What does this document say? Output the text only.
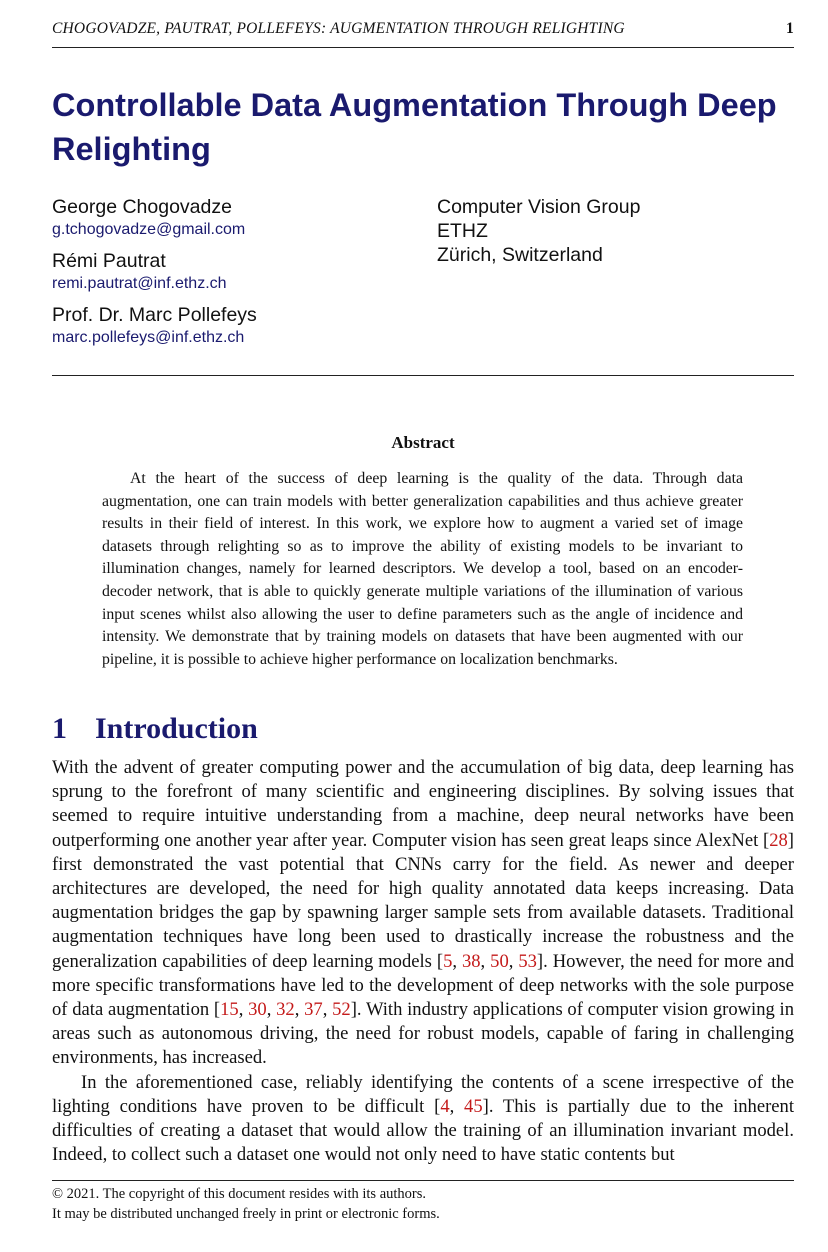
CHOGOVADZE, PAUTRAT, POLLEFEYS: AUGMENTATION THROUGH RELIGHTING	1
Controllable Data Augmentation Through Deep Relighting
George Chogovadze
g.tchogovadze@gmail.com
Rémi Pautrat
remi.pautrat@inf.ethz.ch
Prof. Dr. Marc Pollefeys
marc.pollefeys@inf.ethz.ch
Computer Vision Group
ETHZ
Zürich, Switzerland
Abstract

At the heart of the success of deep learning is the quality of the data. Through data augmentation, one can train models with better generalization capabilities and thus achieve greater results in their field of interest. In this work, we explore how to augment a varied set of image datasets through relighting so as to improve the ability of existing models to be invariant to illumination changes, namely for learned descriptors. We develop a tool, based on an encoder-decoder network, that is able to quickly generate multiple variations of the illumination of various input scenes whilst also allowing the user to define parameters such as the angle of incidence and intensity. We demonstrate that by training models on datasets that have been augmented with our pipeline, it is possible to achieve higher performance on localization benchmarks.

1 Introduction

With the advent of greater computing power and the accumulation of big data, deep learning has sprung to the forefront of many scientific and engineering disciplines. By solving issues that seemed to require intuitive understanding from a machine, deep neural networks have been outperforming one another year after year. Computer vision has seen great leaps since AlexNet [28] first demonstrated the vast potential that CNNs carry for the field. As newer and deeper architectures are developed, the need for high quality annotated data keeps increasing. Data augmentation bridges the gap by spawning larger sample sets from available datasets. Traditional augmentation techniques have long been used to drastically increase the robustness and the generalization capabilities of deep learning models [5, 38, 50, 53]. However, the need for more and more specific transformations have led to the development of deep networks with the sole purpose of data augmentation [15, 30, 32, 37, 52]. With industry applications of computer vision growing in areas such as autonomous driving, the need for robust models, capable of faring in challenging environments, has increased.

In the aforementioned case, reliably identifying the contents of a scene irrespective of the lighting conditions have proven to be difficult [4, 45]. This is partially due to the inherent difficulties of creating a dataset that would allow the training of an illumination invariant model. Indeed, to collect such a dataset one would not only need to have static contents but

© 2021. The copyright of this document resides with its authors.
It may be distributed unchanged freely in print or electronic forms.
